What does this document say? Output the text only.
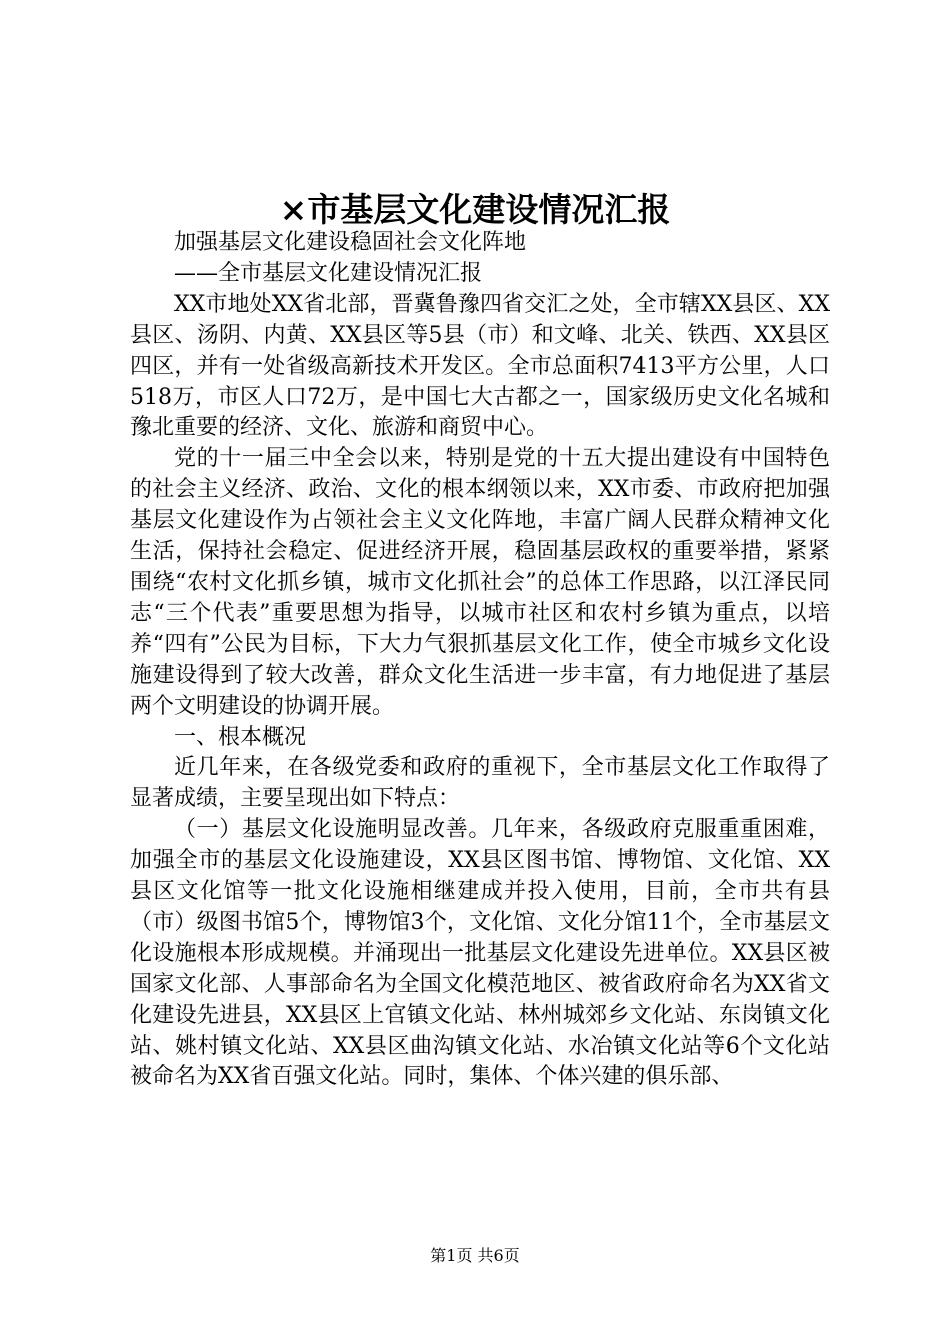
×市基层文化建设情况汇报

加强基层文化建设稳固社会文化阵地

——全市基层文化建设情况汇报

XX市地处XX省北部，晋冀鲁豫四省交汇之处，全市辖XX县区、XX县区、汤阴、内黄、XX县区等5县（市）和文峰、北关、铁西、XX县区四区，并有一处省级高新技术开发区。全市总面积7413平方公里，人口518万，市区人口72万，是中国七大古都之一，国家级历史文化名城和豫北重要的经济、文化、旅游和商贸中心。

党的十一届三中全会以来，特别是党的十五大提出建设有中国特色的社会主义经济、政治、文化的根本纲领以来，XX市委、市政府把加强基层文化建设作为占领社会主义文化阵地，丰富广阔人民群众精神文化生活，保持社会稳定、促进经济开展，稳固基层政权的重要举措，紧紧围绕“农村文化抓乡镇，城市文化抓社会”的总体工作思路，以江泽民同志“三个代表”重要思想为指导，以城市社区和农村乡镇为重点，以培养“四有”公民为目标，下大力气狠抓基层文化工作，使全市城乡文化设施建设得到了较大改善，群众文化生活进一步丰富，有力地促进了基层两个文明建设的协调开展。

一、根本概况

近几年来，在各级党委和政府的重视下，全市基层文化工作取得了显著成绩，主要呈现出如下特点：

（一）基层文化设施明显改善。几年来，各级政府克服重重困难，加强全市的基层文化设施建设，XX县区图书馆、博物馆、文化馆、XX县区文化馆等一批文化设施相继建成并投入使用，目前，全市共有县（市）级图书馆5个，博物馆3个，文化馆、文化分馆11个，全市基层文化设施根本形成规模。并涌现出一批基层文化建设先进单位。XX县区被国家文化部、人事部命名为全国文化模范地区、被省政府命名为XX省文化建设先进县，XX县区上官镇文化站、林州城郊乡文化站、东岗镇文化站、姚村镇文化站、XX县区曲沟镇文化站、水冶镇文化站等6个文化站被命名为XX省百强文化站。同时，集体、个体兴建的俱乐部、

第1页 共6页
